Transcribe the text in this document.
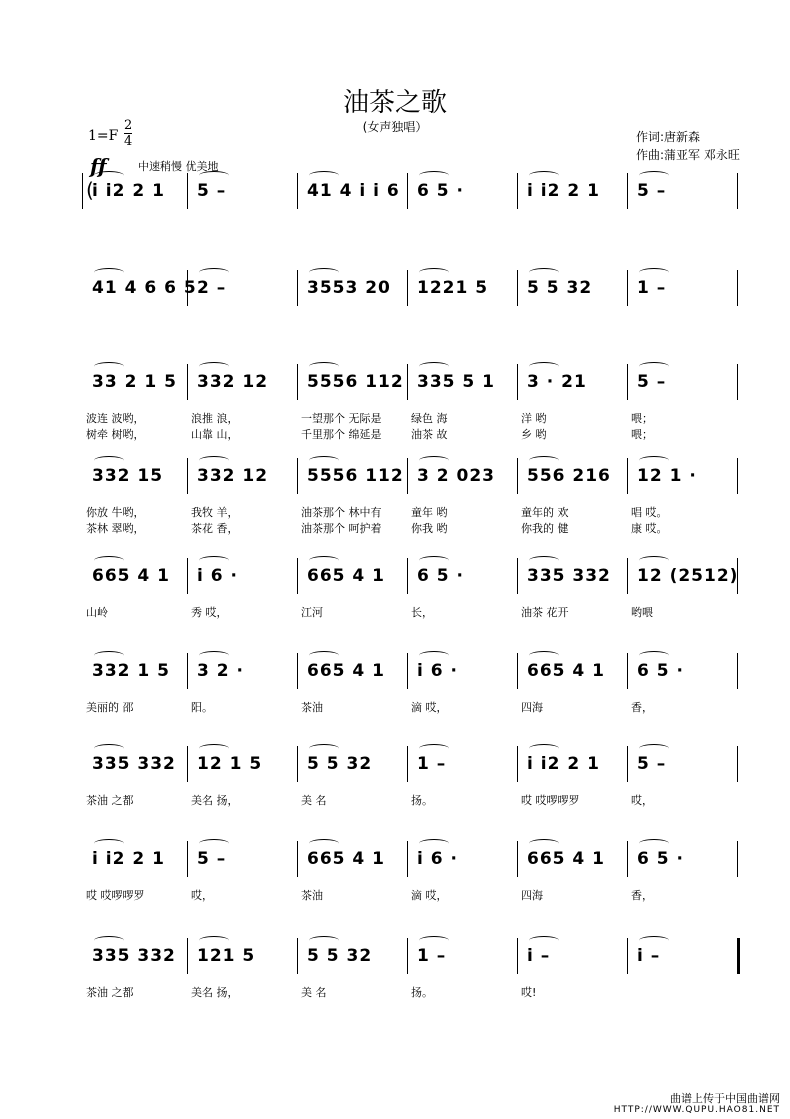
油茶之歌
(女声独唱）
作词:唐新森
作曲:蒲亚军 邓永旺
$1=F \frac{2}{4}$
ff	中速稍慢 优美地
i i2 2 1 5 –	41 4 i i 6 6 5 ·	i i2 2 1 5 –
41 4 6 6 5 2 –	3553 20 1221 5 5 5 32	1 –
33 2 1 5 332 12 5556 112 335 5 1 3 · 21	5 –
波连 波哟，	浪推 浪，	一望那个 无际是	绿色 海	洋 哟	喂；
树牵 树哟，	山靠 山，	千里那个 绵延是	油茶 故	乡 哟	喂；
332 15 332 12 5556 112 3 2 023 556 216 12 1 ·
你放 牛哟，	我牧 羊，	油茶那个 林中有	童年 哟	童年的 欢	唱 哎。
茶林 翠哟，	茶花 香，	油茶那个 呵护着	你我 哟	你我的 健	康 哎。
665 4 1 i 6 ·	665 4 1 6 5 ·	335 332 12 (2512)
山岭	秀 哎，	江河	长，	油茶 花开	哟喂
332 1 5 3 2 ·	665 4 1 i 6 ·	665 4 1 6 5 ·
美丽的 邵	阳。	茶油	滴 哎，	四海	香，
335 332 12 1 5	5 5 32	1 –	i i2 2 1 5 –
茶油 之都	美名 扬，	美 名	扬。	哎 哎啰啰罗	哎，
i i2 2 1 5 –	665 4 1 i 6 ·	665 4 1 6 5 ·
哎 哎啰啰罗	哎，	茶油	滴 哎，	四海	香，
335 332 121 5	5 5 32	1 –	i –	i –
茶油 之都	美名 扬，	美 名	扬。	哎!
曲谱上传于中国曲谱网
HTTP://WWW.QUPU.HAO81.NET
(
